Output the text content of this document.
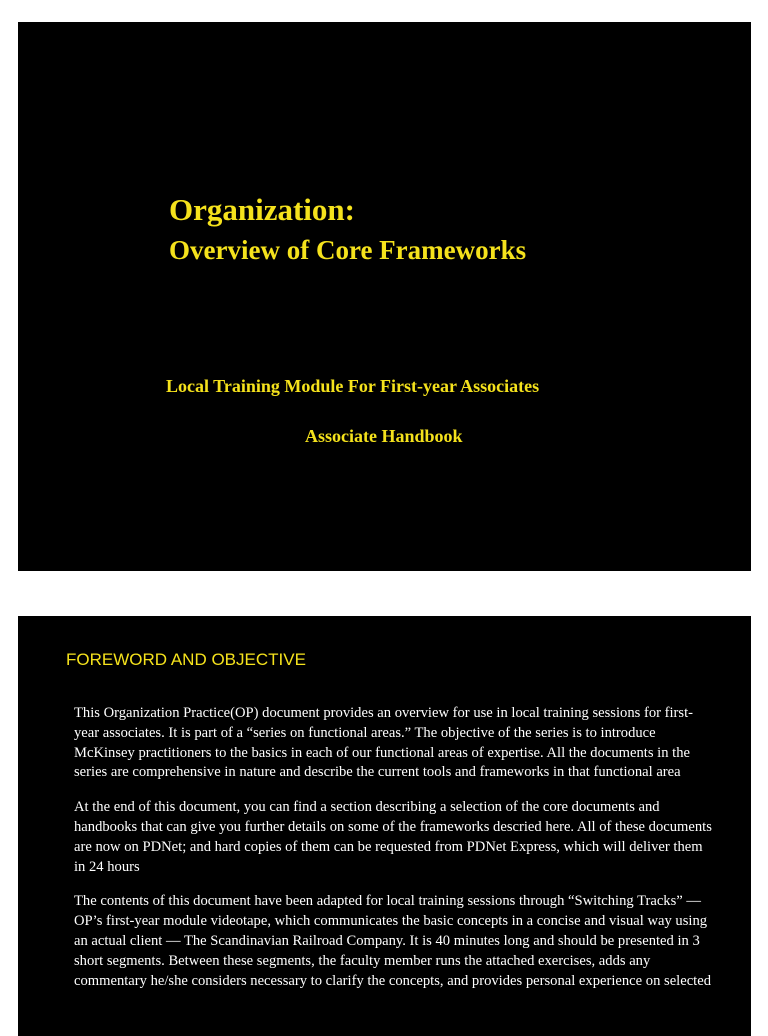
Organization:
Overview of Core Frameworks
Local Training Module For First-year Associates
Associate Handbook
FOREWORD AND OBJECTIVE

This Organization Practice(OP) document provides an overview for use in local training sessions for first-year associates. It is part of a “series on functional areas.” The objective of the series is to introduce McKinsey practitioners to the basics in each of our functional areas of expertise. All the documents in the series are comprehensive in nature and describe the current tools and frameworks in that functional area

At the end of this document, you can find a section describing a selection of the core documents and handbooks that can give you further details on some of the frameworks descried here. All of these documents are now on PDNet; and hard copies of them can be requested from PDNet Express, which will deliver them in 24 hours

The contents of this document have been adapted for local training sessions through “Switching Tracks” — OP’s first-year module videotape, which communicates the basic concepts in a concise and visual way using an actual client — The Scandinavian Railroad Company. It is 40 minutes long and should be presented in 3 short segments. Between these segments, the faculty member runs the attached exercises, adds any commentary he/she considers necessary to clarify the concepts, and provides personal experience on selected
